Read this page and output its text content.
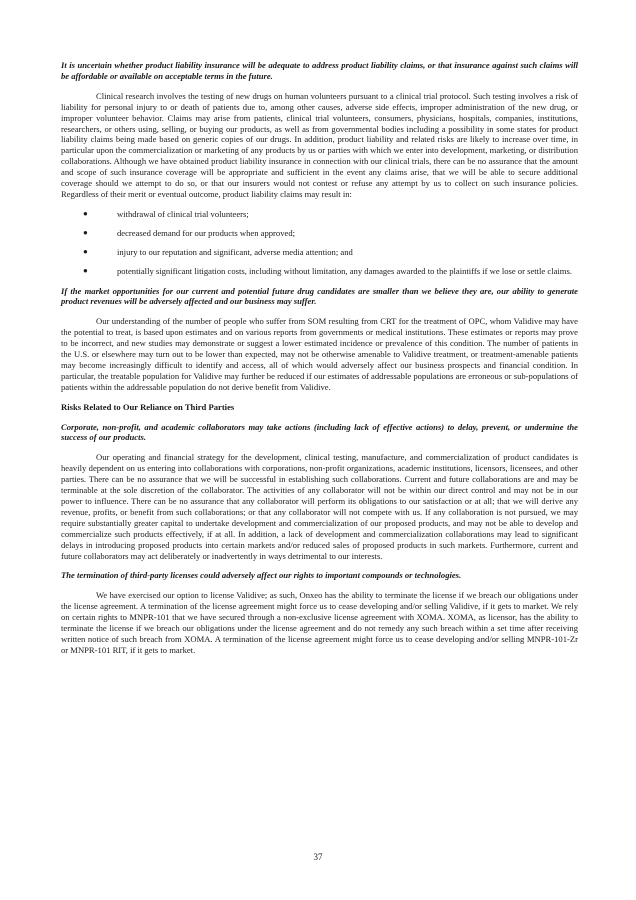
It is uncertain whether product liability insurance will be adequate to address product liability claims, or that insurance against such claims will be affordable or available on acceptable terms in the future.

Clinical research involves the testing of new drugs on human volunteers pursuant to a clinical trial protocol. Such testing involves a risk of liability for personal injury to or death of patients due to, among other causes, adverse side effects, improper administration of the new drug, or improper volunteer behavior. Claims may arise from patients, clinical trial volunteers, consumers, physicians, hospitals, companies, institutions, researchers, or others using, selling, or buying our products, as well as from governmental bodies including a possibility in some states for product liability claims being made based on generic copies of our drugs. In addition, product liability and related risks are likely to increase over time, in particular upon the commercialization or marketing of any products by us or parties with which we enter into development, marketing, or distribution collaborations. Although we have obtained product liability insurance in connection with our clinical trials, there can be no assurance that the amount and scope of such insurance coverage will be appropriate and sufficient in the event any claims arise, that we will be able to secure additional coverage should we attempt to do so, or that our insurers would not contest or refuse any attempt by us to collect on such insurance policies. Regardless of their merit or eventual outcome, product liability claims may result in:

●	withdrawal of clinical trial volunteers;
●	decreased demand for our products when approved;
●	injury to our reputation and significant, adverse media attention; and
●	potentially significant litigation costs, including without limitation, any damages awarded to the plaintiffs if we lose or settle claims.

If the market opportunities for our current and potential future drug candidates are smaller than we believe they are, our ability to generate product revenues will be adversely affected and our business may suffer.

Our understanding of the number of people who suffer from SOM resulting from CRT for the treatment of OPC, whom Validive may have the potential to treat, is based upon estimates and on various reports from governments or medical institutions. These estimates or reports may prove to be incorrect, and new studies may demonstrate or suggest a lower estimated incidence or prevalence of this condition. The number of patients in the U.S. or elsewhere may turn out to be lower than expected, may not be otherwise amenable to Validive treatment, or treatment-amenable patients may become increasingly difficult to identify and access, all of which would adversely affect our business prospects and financial condition. In particular, the treatable population for Validive may further be reduced if our estimates of addressable populations are erroneous or sub-populations of patients within the addressable population do not derive benefit from Validive.

Risks Related to Our Reliance on Third Parties

Corporate, non-profit, and academic collaborators may take actions (including lack of effective actions) to delay, prevent, or undermine the success of our products.

Our operating and financial strategy for the development, clinical testing, manufacture, and commercialization of product candidates is heavily dependent on us entering into collaborations with corporations, non-profit organizations, academic institutions, licensors, licensees, and other parties. There can be no assurance that we will be successful in establishing such collaborations. Current and future collaborations are and may be terminable at the sole discretion of the collaborator. The activities of any collaborator will not be within our direct control and may not be in our power to influence. There can be no assurance that any collaborator will perform its obligations to our satisfaction or at all; that we will derive any revenue, profits, or benefit from such collaborations; or that any collaborator will not compete with us. If any collaboration is not pursued, we may require substantially greater capital to undertake development and commercialization of our proposed products, and may not be able to develop and commercialize such products effectively, if at all. In addition, a lack of development and commercialization collaborations may lead to significant delays in introducing proposed products into certain markets and/or reduced sales of proposed products in such markets. Furthermore, current and future collaborators may act deliberately or inadvertently in ways detrimental to our interests.

The termination of third-party licenses could adversely affect our rights to important compounds or technologies.

We have exercised our option to license Validive; as such, Onxeo has the ability to terminate the license if we breach our obligations under the license agreement. A termination of the license agreement might force us to cease developing and/or selling Validive, if it gets to market. We rely on certain rights to MNPR-101 that we have secured through a non-exclusive license agreement with XOMA. XOMA, as licensor, has the ability to terminate the license if we breach our obligations under the license agreement and do not remedy any such breach within a set time after receiving written notice of such breach from XOMA. A termination of the license agreement might force us to cease developing and/or selling MNPR-101-Zr or MNPR-101 RIT, if it gets to market.

37
